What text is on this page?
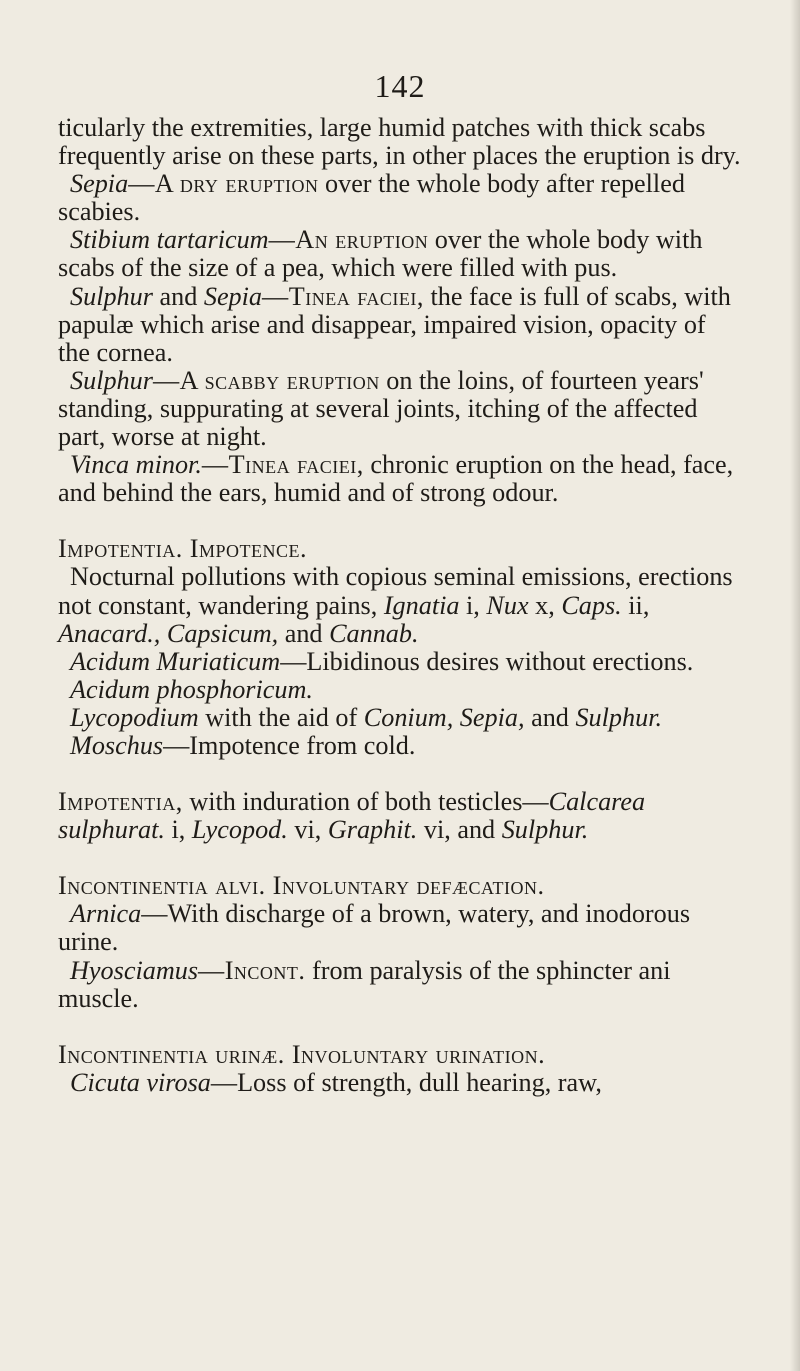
142

ticularly the extremities, large humid patches with thick scabs frequently arise on these parts, in other places the eruption is dry.

Sepia—A dry eruption over the whole body after repelled scabies.

Stibium tartaricum—An eruption over the whole body with scabs of the size of a pea, which were filled with pus.

Sulphur and Sepia—Tinea faciei, the face is full of scabs, with papulæ which arise and disappear, impaired vision, opacity of the cornea.

Sulphur—A scabby eruption on the loins, of fourteen years' standing, suppurating at several joints, itching of the affected part, worse at night.

Vinca minor.—Tinea faciei, chronic eruption on the head, face, and behind the ears, humid and of strong odour.

Impotentia. Impotence.

Nocturnal pollutions with copious seminal emissions, erections not constant, wandering pains, Ignatia i, Nux x, Caps. ii, Anacard., Capsicum, and Cannab.

Acidum Muriaticum—Libidinous desires without erections.

Acidum phosphoricum.

Lycopodium with the aid of Conium, Sepia, and Sulphur.

Moschus—Impotence from cold.

Impotentia, with induration of both testicles—Calcarea sulphurat. i, Lycopod. vi, Graphit. vi, and Sulphur.

Incontinentia alvi. Involuntary defæcation.

Arnica—With discharge of a brown, watery, and inodorous urine.

Hyosciamus—Incont. from paralysis of the sphincter ani muscle.

Incontinentia urinæ. Involuntary urination.

Cicuta virosa—Loss of strength, dull hearing, raw,
